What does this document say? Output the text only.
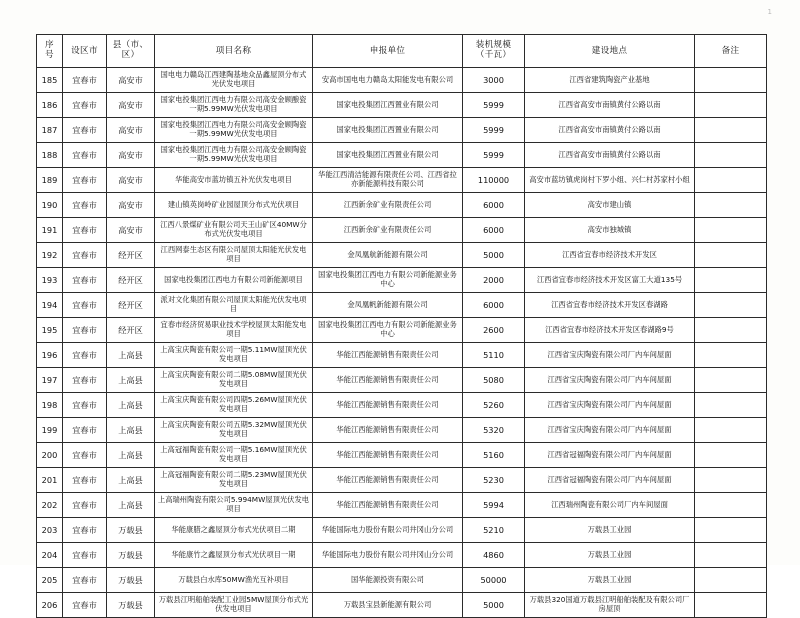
1
序
号	设区市	县（市、
区）	项目名称	申报单位	装机规模
（千瓦）	建设地点	备注
185	宜春市	高安市	国电电力赣岛江西建陶基地众品鑫屋顶分布式光伏发电项目	安高市国电电力赣岛太阳能发电有限公司	3000	江西省建筑陶瓷产业基地	
186	宜春市	高安市	国家电投集团江西电力有限公司高安金顾酿瓷一期5.99MW光伏发电项目	国家电投集团江西置业有限公司	5999	江西省高安市南镇黄付公路以南	
187	宜春市	高安市	国家电投集团江西电力有限公司高安金顾陶瓷一期5.99MW光伏发电项目	国家电投集团江西置业有限公司	5999	江西省高安市南镇黄付公路以南	
188	宜春市	高安市	国家电投集团江西电力有限公司高安金顾陶瓷一期5.99MW光伏发电项目	国家电投集团江西置业有限公司	5999	江西省高安市南镇黄付公路以南	
189	宜春市	高安市	华能高安市蓝坊镇五补光伏发电项目	华能江西清洁能源有限责任公司、江西省拉亦新能源科技有限公司	110000	高安市蓝坊镇虎岗村下罗小组、兴仁村苏家村小组	
190	宜春市	高安市	建山镇英岗岭矿业园屋顶分布式光伏项目	江西新余矿业有限责任公司	6000	高安市建山镇	
191	宜春市	高安市	江西八景煤矿业有限公司天王山矿区40MW分布式光伏发电项目	江西新余矿业有限责任公司	6000	高安市独城镇	
192	宜春市	经开区	江西网泰生态区有限公司屋顶太阳能光伏发电项目	金凤凰航新能源有限公司	5000	江西省宜春市经济技术开发区	
193	宜春市	经开区	国家电投集团江西电力有限公司新能源项目	国家电投集团江西电力有限公司新能源业务中心	2000	江西省宜春市经济技术开发区富工大道135号	
194	宜春市	经开区	派对文化集团有限公司屋顶太阳能光伏发电项目	金凤凰帆新能源有限公司	6000	江西省宜春市经济技术开发区春湖路	
195	宜春市	经开区	宜春市经济贸易职业技术学校屋顶太阳能发电项目	国家电投集团江西电力有限公司新能源业务中心	2600	江西省宜春市经济技术开发区春湖路9号	
196	宜春市	上高县	上高宝庆陶瓷有限公司一期5.11MW屋顶光伏发电项目	华能江西能源销售有限责任公司	5110	江西省宝庆陶瓷有限公司厂内车间屋面	
197	宜春市	上高县	上高宝庆陶瓷有限公司二期5.08MW屋顶光伏发电项目	华能江西能源销售有限责任公司	5080	江西省宝庆陶瓷有限公司厂内车间屋面	
198	宜春市	上高县	上高宝庆陶瓷有限公司四期5.26MW屋顶光伏发电项目	华能江西能源销售有限责任公司	5260	江西省宝庆陶瓷有限公司厂内车间屋面	
199	宜春市	上高县	上高宝庆陶瓷有限公司五期5.32MW屋顶光伏发电项目	华能江西能源销售有限责任公司	5320	江西省宝庆陶瓷有限公司厂内车间屋面	
200	宜春市	上高县	上高冠福陶瓷有限公司一期5.16MW屋顶光伏发电项目	华能江西能源销售有限责任公司	5160	江西省冠福陶瓷有限公司厂内车间屋面	
201	宜春市	上高县	上高冠福陶瓷有限公司二期5.23MW屋顶光伏发电项目	华能江西能源销售有限责任公司	5230	江西省冠福陶瓷有限公司厂内车间屋面	
202	宜春市	上高县	上高瑞州陶瓷有限公司5.994MW屋顶光伏发电项目	华能江西能源销售有限责任公司	5994	江西瑞州陶瓷有限公司厂内车间屋面	
203	宜春市	万载县	华能康腊之鑫屋顶分布式光伏项目二期	华能国际电力股份有限公司井冈山分公司	5210	万载县工业园	
204	宜春市	万载县	华能康竹之鑫屋顶分布式光伏项目一期	华能国际电力股份有限公司井冈山分公司	4860	万载县工业园	
205	宜春市	万载县	万载县白水库50MW渔光互补项目	国华能源投资有限公司	50000	万载县工业园	
206	宜春市	万载县	万载县江明船舶装配工业园5MW屋顶分布式光伏发电项目	万载县宝县新能源有限公司	5000	万载县320国道万载县江明船舶装配及有限公司厂房屋顶	
